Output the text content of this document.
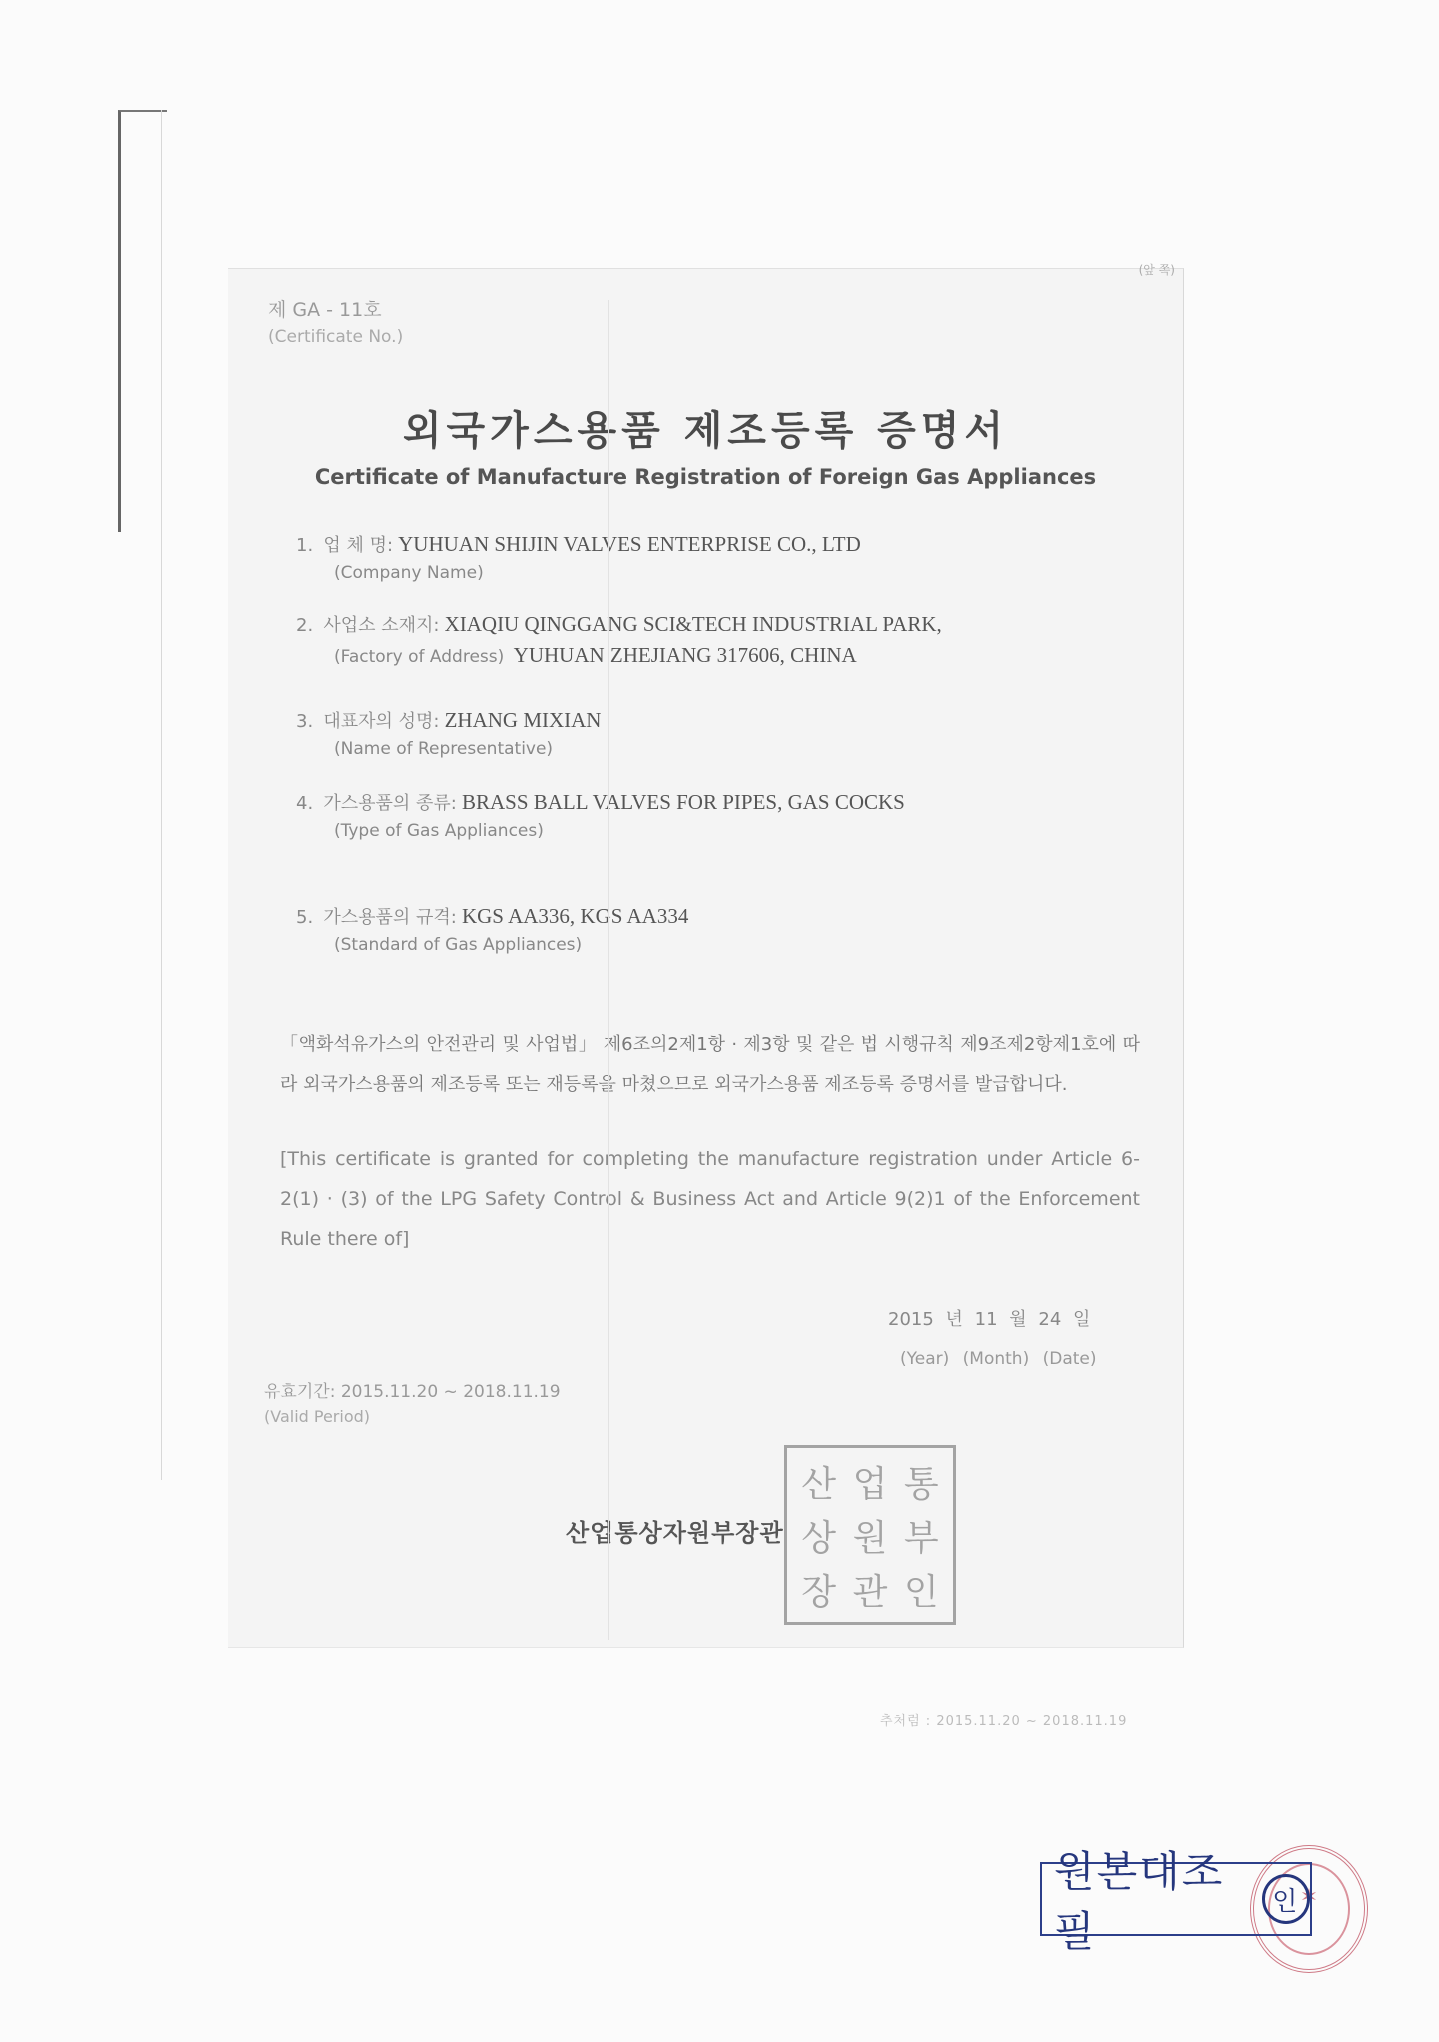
(앞 쪽)
제 GA - 11호
(Certificate No.)
외국가스용품 제조등록 증명서
Certificate of Manufacture Registration of Foreign Gas Appliances
1. 업 체 명: YUHUAN SHIJIN VALVES ENTERPRISE CO., LTD
(Company Name)
2. 사업소 소재지: XIAQIU QINGGANG SCI&TECH INDUSTRIAL PARK,
(Factory of Address) YUHUAN ZHEJIANG 317606, CHINA
3. 대표자의 성명: ZHANG MIXIAN
(Name of Representative)
4. 가스용품의 종류: BRASS BALL VALVES FOR PIPES, GAS COCKS
(Type of Gas Appliances)
5. 가스용품의 규격: KGS AA336, KGS AA334
(Standard of Gas Appliances)
「액화석유가스의 안전관리 및 사업법」 제6조의2제1항 · 제3항 및 같은 법 시행규칙 제9조제2항제1호에 따라 외국가스용품의 제조등록 또는 재등록을 마쳤으므로 외국가스용품 제조등록 증명서를 발급합니다.
[This certificate is granted for completing the manufacture registration under Article 6-2(1) · (3) of the LPG Safety Control & Business Act and Article 9(2)1 of the Enforcement Rule there of]
2015 년 11 월 24 일
(Year) (Month) (Date)
유효기간: 2015.11.20 ~ 2018.11.19
(Valid Period)
산업통상자원부장관
산 업 통
상 원 부
장 관 인
추처럼 : 2015.11.20 ~ 2018.11.19
✶
원본대조필
인
